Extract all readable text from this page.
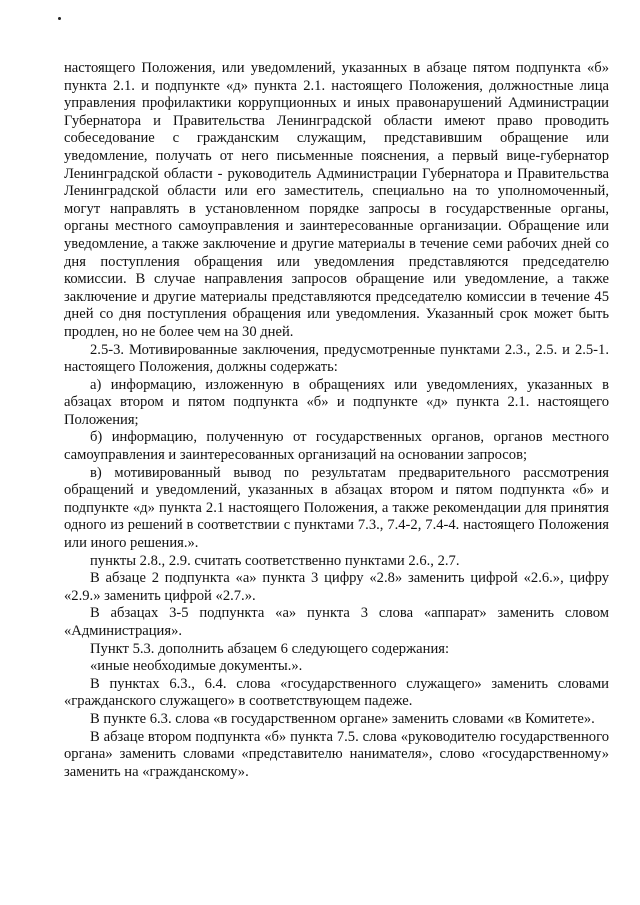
настоящего Положения, или уведомлений, указанных в абзаце пятом подпункта «б» пункта 2.1. и подпункте «д» пункта 2.1. настоящего Положения, должностные лица управления профилактики коррупционных и иных правонарушений Администрации Губернатора и Правительства Ленинградской области имеют право проводить собеседование с гражданским служащим, представившим обращение или уведомление, получать от него письменные пояснения, а первый вице-губернатор Ленинградской области - руководитель Администрации Губернатора и Правительства Ленинградской области или его заместитель, специально на то уполномоченный, могут направлять в установленном порядке запросы в государственные органы, органы местного самоуправления и заинтересованные организации. Обращение или уведомление, а также заключение и другие материалы в течение семи рабочих дней со дня поступления обращения или уведомления представляются председателю комиссии. В случае направления запросов обращение или уведомление, а также заключение и другие материалы представляются председателю комиссии в течение 45 дней со дня поступления обращения или уведомления. Указанный срок может быть продлен, но не более чем на 30 дней.

2.5-3. Мотивированные заключения, предусмотренные пунктами 2.3., 2.5. и 2.5-1. настоящего Положения, должны содержать:

а) информацию, изложенную в обращениях или уведомлениях, указанных в абзацах втором и пятом подпункта «б» и подпункте «д» пункта 2.1. настоящего Положения;

б) информацию, полученную от государственных органов, органов местного самоуправления и заинтересованных организаций на основании запросов;

в) мотивированный вывод по результатам предварительного рассмотрения обращений и уведомлений, указанных в абзацах втором и пятом подпункта «б» и подпункте «д» пункта 2.1 настоящего Положения, а также рекомендации для принятия одного из решений в соответствии с пунктами 7.3., 7.4-2, 7.4-4. настоящего Положения или иного решения.».

пункты 2.8., 2.9. считать соответственно пунктами 2.6., 2.7.

В абзаце 2 подпункта «а» пункта 3 цифру «2.8» заменить цифрой «2.6.», цифру «2.9.» заменить цифрой «2.7.».

В абзацах 3-5 подпункта «а» пункта 3 слова «аппарат» заменить словом «Администрация».

Пункт 5.3. дополнить абзацем 6 следующего содержания:

«иные необходимые документы.».

В пунктах 6.3., 6.4. слова «государственного служащего» заменить словами «гражданского служащего» в соответствующем падеже.

В пункте 6.3. слова «в государственном органе» заменить словами «в Комитете».

В абзаце втором подпункта «б» пункта 7.5. слова «руководителю государственного органа» заменить словами «представителю нанимателя», слово «государственному» заменить на «гражданскому».
